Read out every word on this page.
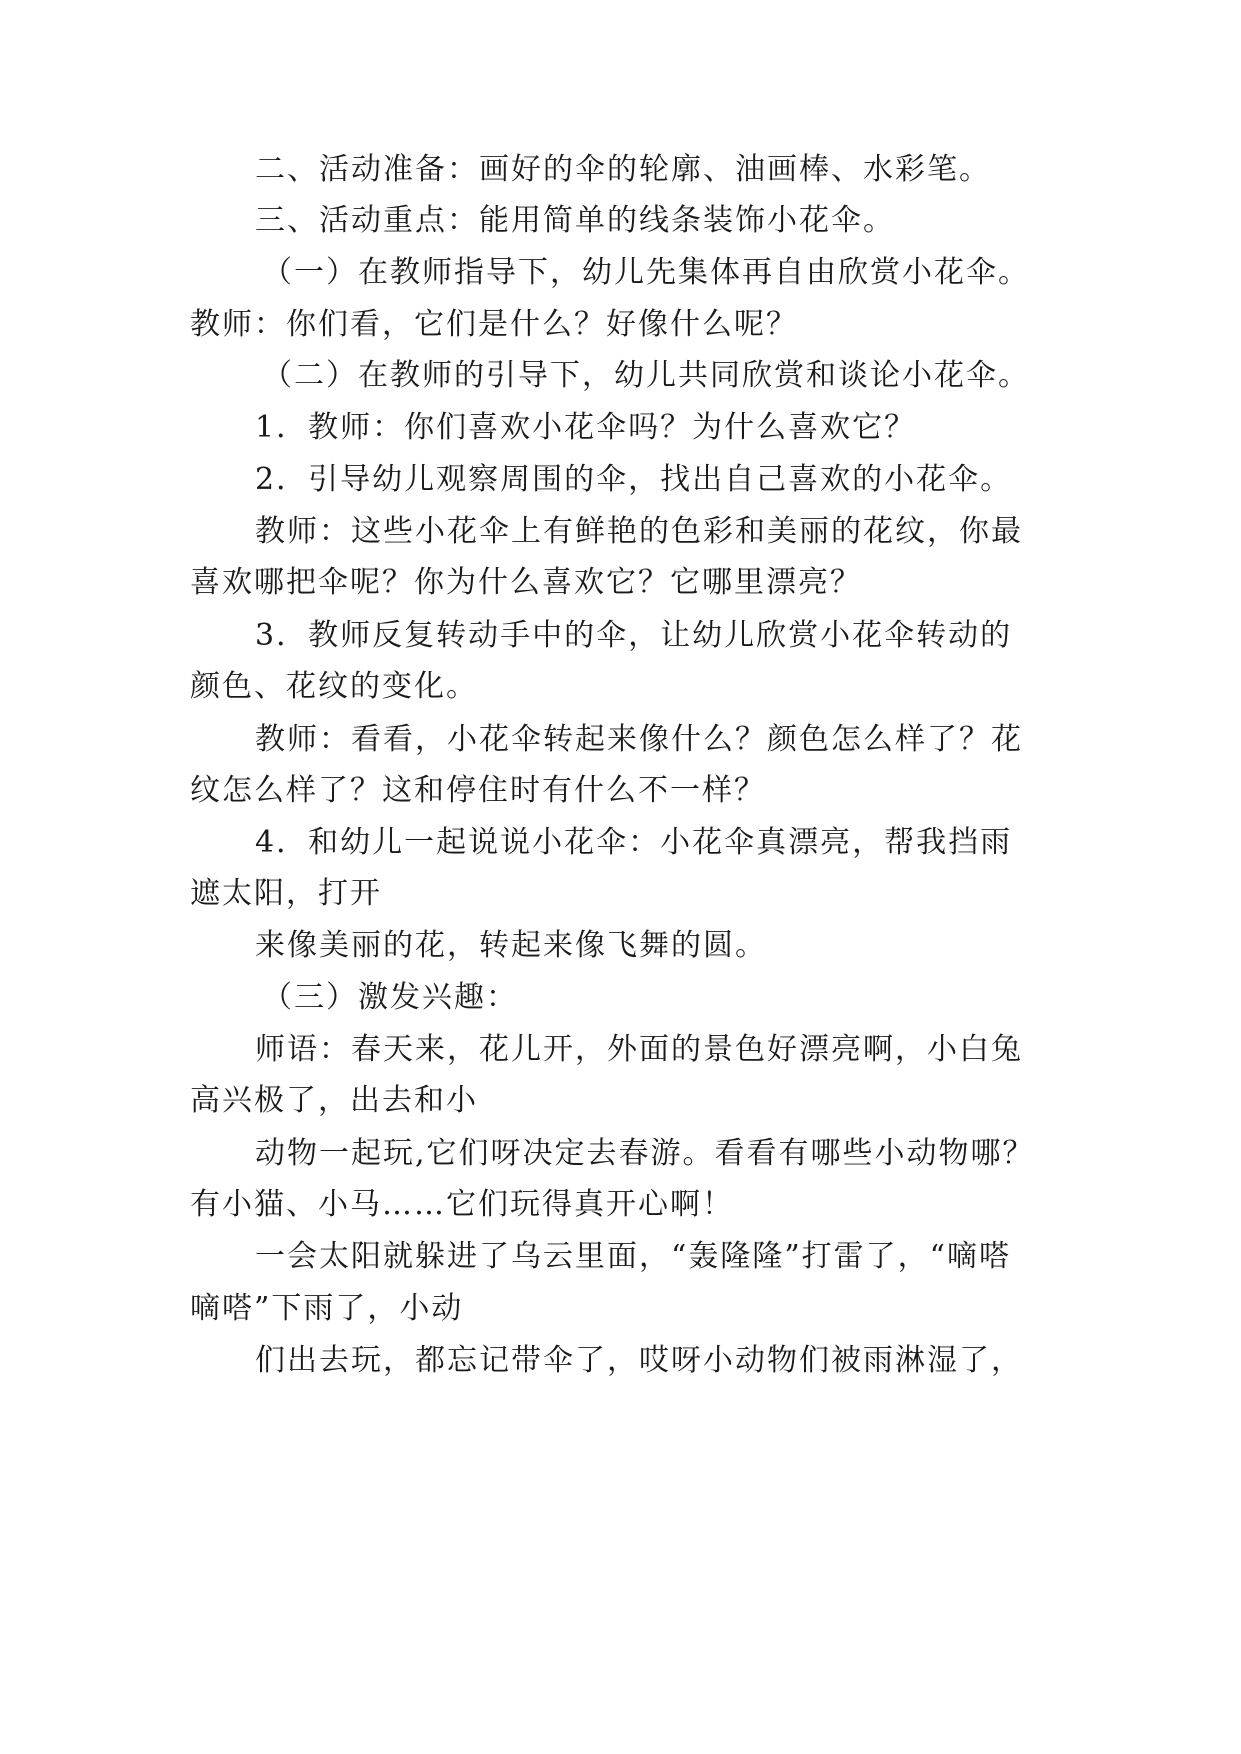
二、活动准备：画好的伞的轮廓、油画棒、水彩笔。
三、活动重点：能用简单的线条装饰小花伞。
（一）在教师指导下，幼儿先集体再自由欣赏小花伞。
教师：你们看，它们是什么？好像什么呢？
（二）在教师的引导下，幼儿共同欣赏和谈论小花伞。
1．教师：你们喜欢小花伞吗？为什么喜欢它？
2．引导幼儿观察周围的伞，找出自己喜欢的小花伞。
教师：这些小花伞上有鲜艳的色彩和美丽的花纹，你最
喜欢哪把伞呢？你为什么喜欢它？它哪里漂亮？
3．教师反复转动手中的伞，让幼儿欣赏小花伞转动的
颜色、花纹的变化。
教师：看看，小花伞转起来像什么？颜色怎么样了？花
纹怎么样了？这和停住时有什么不一样？
4．和幼儿一起说说小花伞：小花伞真漂亮，帮我挡雨
遮太阳，打开
来像美丽的花，转起来像飞舞的圆。
（三）激发兴趣：
师语：春天来，花儿开，外面的景色好漂亮啊，小白兔
高兴极了，出去和小
动物一起玩,它们呀决定去春游。看看有哪些小动物哪？
有小猫、小马……它们玩得真开心啊！
一会太阳就躲进了乌云里面，“轰隆隆”打雷了，“嘀嗒
嘀嗒”下雨了，小动
们出去玩，都忘记带伞了，哎呀小动物们被雨淋湿了，
